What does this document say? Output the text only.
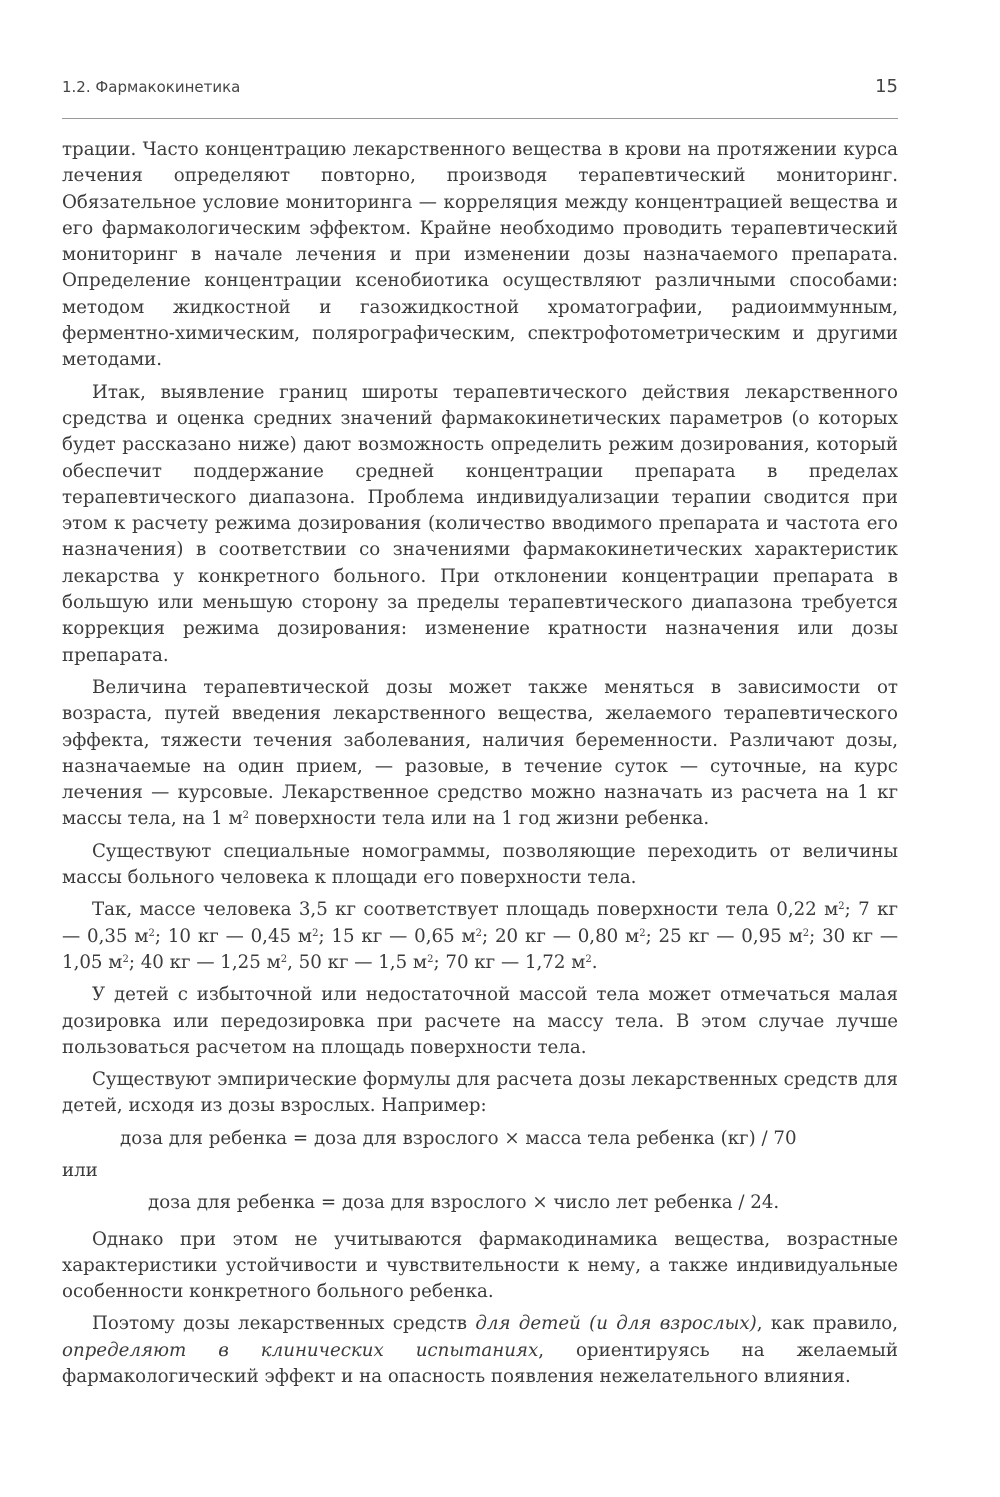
1.2. Фармакокинетика	15

трации. Часто концентрацию лекарственного вещества в крови на протяжении курса лечения определяют повторно, производя терапевтический мониторинг. Обязательное условие мониторинга — корреляция между концентрацией вещества и его фармакологическим эффектом. Крайне необходимо проводить терапевтический мониторинг в начале лечения и при изменении дозы назначаемого препарата. Определение концентрации ксенобиотика осуществляют различными способами: методом жидкостной и газожидкостной хроматографии, радиоиммунным, ферментно-химическим, полярографическим, спектрофотометрическим и другими методами.

Итак, выявление границ широты терапевтического действия лекарственного средства и оценка средних значений фармакокинетических параметров (о которых будет рассказано ниже) дают возможность определить режим дозирования, который обеспечит поддержание средней концентрации препарата в пределах терапевтического диапазона. Проблема индивидуализации терапии сводится при этом к расчету режима дозирования (количество вводимого препарата и частота его назначения) в соответствии со значениями фармакокинетических характеристик лекарства у конкретного больного. При отклонении концентрации препарата в большую или меньшую сторону за пределы терапевтического диапазона требуется коррекция режима дозирования: изменение кратности назначения или дозы препарата.

Величина терапевтической дозы может также меняться в зависимости от возраста, путей введения лекарственного вещества, желаемого терапевтического эффекта, тяжести течения заболевания, наличия беременности. Различают дозы, назначаемые на один прием, — разовые, в течение суток — суточные, на курс лечения — курсовые. Лекарственное средство можно назначать из расчета на 1 кг массы тела, на 1 $м^2$ поверхности тела или на 1 год жизни ребенка.

Существуют специальные номограммы, позволяющие переходить от величины массы больного человека к площади его поверхности тела.

Так, массе человека 3,5 кг соответствует площадь поверхности тела 0,22 $м^2$; 7 кг — 0,35 $м^2$; 10 кг — 0,45 $м^2$; 15 кг — 0,65 $м^2$; 20 кг — 0,80 $м^2$; 25 кг — 0,95 $м^2$; 30 кг — 1,05 $м^2$; 40 кг — 1,25 $м^2$, 50 кг — 1,5 $м^2$; 70 кг — 1,72 $м^2$.

У детей с избыточной или недостаточной массой тела может отмечаться малая дозировка или передозировка при расчете на массу тела. В этом случае лучше пользоваться расчетом на площадь поверхности тела.

Существуют эмпирические формулы для расчета дозы лекарственных средств для детей, исходя из дозы взрослых. Например:

доза для ребенка = доза для взрослого × масса тела ребенка (кг) / 70
или
доза для ребенка = доза для взрослого × число лет ребенка / 24.

Однако при этом не учитываются фармакодинамика вещества, возрастные характеристики устойчивости и чувствительности к нему, а также индивидуальные особенности конкретного больного ребенка.

Поэтому дозы лекарственных средств для детей (и для взрослых), как правило, определяют в клинических испытаниях, ориентируясь на желаемый фармакологический эффект и на опасность появления нежелательного влияния.
